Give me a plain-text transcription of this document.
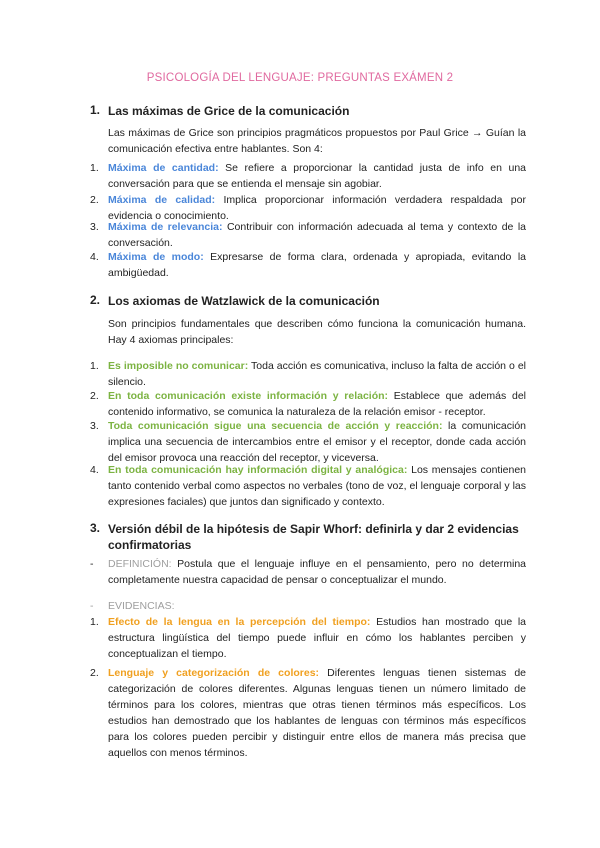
PSICOLOGÍA DEL LENGUAJE: PREGUNTAS EXÁMEN 2
1. Las máximas de Grice de la comunicación
Las máximas de Grice son principios pragmáticos propuestos por Paul Grice → Guían la comunicación efectiva entre hablantes. Son 4:
1. Máxima de cantidad: Se refiere a proporcionar la cantidad justa de info en una conversación para que se entienda el mensaje sin agobiar.
2. Máxima de calidad: Implica proporcionar información verdadera respaldada por evidencia o conocimiento.
3. Máxima de relevancia: Contribuir con información adecuada al tema y contexto de la conversación.
4. Máxima de modo: Expresarse de forma clara, ordenada y apropiada, evitando la ambigüedad.
2. Los axiomas de Watzlawick de la comunicación
Son principios fundamentales que describen cómo funciona la comunicación humana. Hay 4 axiomas principales:
1. Es imposible no comunicar: Toda acción es comunicativa, incluso la falta de acción o el silencio.
2. En toda comunicación existe información y relación: Establece que además del contenido informativo, se comunica la naturaleza de la relación emisor - receptor.
3. Toda comunicación sigue una secuencia de acción y reacción: la comunicación implica una secuencia de intercambios entre el emisor y el receptor, donde cada acción del emisor provoca una reacción del receptor, y viceversa.
4. En toda comunicación hay información digital y analógica: Los mensajes contienen tanto contenido verbal como aspectos no verbales (tono de voz, el lenguaje corporal y las expresiones faciales) que juntos dan significado y contexto.
3. Versión débil de la hipótesis de Sapir Whorf: definirla y dar 2 evidencias confirmatorias
- DEFINICIÓN: Postula que el lenguaje influye en el pensamiento, pero no determina completamente nuestra capacidad de pensar o conceptualizar el mundo.
- EVIDENCIAS:
1. Efecto de la lengua en la percepción del tiempo: Estudios han mostrado que la estructura lingüística del tiempo puede influir en cómo los hablantes perciben y conceptualizan el tiempo.
2. Lenguaje y categorización de colores: Diferentes lenguas tienen sistemas de categorización de colores diferentes. Algunas lenguas tienen un número limitado de términos para los colores, mientras que otras tienen términos más específicos. Los estudios han demostrado que los hablantes de lenguas con términos más específicos para los colores pueden percibir y distinguir entre ellos de manera más precisa que aquellos con menos términos.
